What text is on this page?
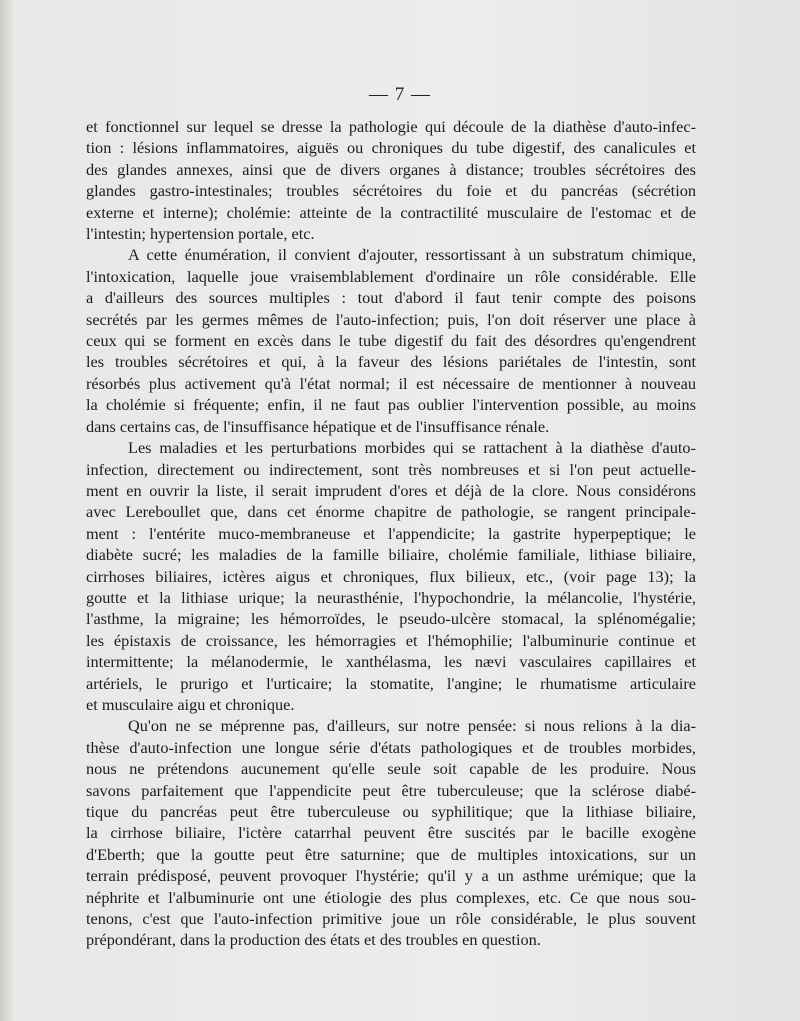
— 7 —
et fonctionnel sur lequel se dresse la pathologie qui découle de la diathèse d'auto-infec-
tion : lésions inflammatoires, aiguës ou chroniques du tube digestif, des canalicules et
des glandes annexes, ainsi que de divers organes à distance; troubles sécrétoires des
glandes gastro-intestinales; troubles sécrétoires du foie et du pancréas (sécrétion
externe et interne); cholémie: atteinte de la contractilité musculaire de l'estomac et de
l'intestin; hypertension portale, etc.
A cette énumération, il convient d'ajouter, ressortissant à un substratum chimique,
l'intoxication, laquelle joue vraisemblablement d'ordinaire un rôle considérable. Elle
a d'ailleurs des sources multiples : tout d'abord il faut tenir compte des poisons
secrétés par les germes mêmes de l'auto-infection; puis, l'on doit réserver une place à
ceux qui se forment en excès dans le tube digestif du fait des désordres qu'engendrent
les troubles sécrétoires et qui, à la faveur des lésions pariétales de l'intestin, sont
résorbés plus activement qu'à l'état normal; il est nécessaire de mentionner à nouveau
la cholémie si fréquente; enfin, il ne faut pas oublier l'intervention possible, au moins
dans certains cas, de l'insuffisance hépatique et de l'insuffisance rénale.
Les maladies et les perturbations morbides qui se rattachent à la diathèse d'auto-
infection, directement ou indirectement, sont très nombreuses et si l'on peut actuelle-
ment en ouvrir la liste, il serait imprudent d'ores et déjà de la clore. Nous considérons
avec Lereboullet que, dans cet énorme chapitre de pathologie, se rangent principale-
ment : l'entérite muco-membraneuse et l'appendicite; la gastrite hyperpeptique; le
diabète sucré; les maladies de la famille biliaire, cholémie familiale, lithiase biliaire,
cirrhoses biliaires, ictères aigus et chroniques, flux bilieux, etc., (voir page 13); la
goutte et la lithiase urique; la neurasthénie, l'hypochondrie, la mélancolie, l'hystérie,
l'asthme, la migraine; les hémorroïdes, le pseudo-ulcère stomacal, la splénomégalie;
les épistaxis de croissance, les hémorragies et l'hémophilie; l'albuminurie continue et
intermittente; la mélanodermie, le xanthélasma, les nævi vasculaires capillaires et
artériels, le prurigo et l'urticaire; la stomatite, l'angine; le rhumatisme articulaire
et musculaire aigu et chronique.
Qu'on ne se méprenne pas, d'ailleurs, sur notre pensée: si nous relions à la dia-
thèse d'auto-infection une longue série d'états pathologiques et de troubles morbides,
nous ne prétendons aucunement qu'elle seule soit capable de les produire. Nous
savons parfaitement que l'appendicite peut être tuberculeuse; que la sclérose diabé-
tique du pancréas peut être tuberculeuse ou syphilitique; que la lithiase biliaire,
la cirrhose biliaire, l'ictère catarrhal peuvent être suscités par le bacille exogène
d'Eberth; que la goutte peut être saturnine; que de multiples intoxications, sur un
terrain prédisposé, peuvent provoquer l'hystérie; qu'il y a un asthme urémique; que la
néphrite et l'albuminurie ont une étiologie des plus complexes, etc. Ce que nous sou-
tenons, c'est que l'auto-infection primitive joue un rôle considérable, le plus souvent
prépondérant, dans la production des états et des troubles en question.
